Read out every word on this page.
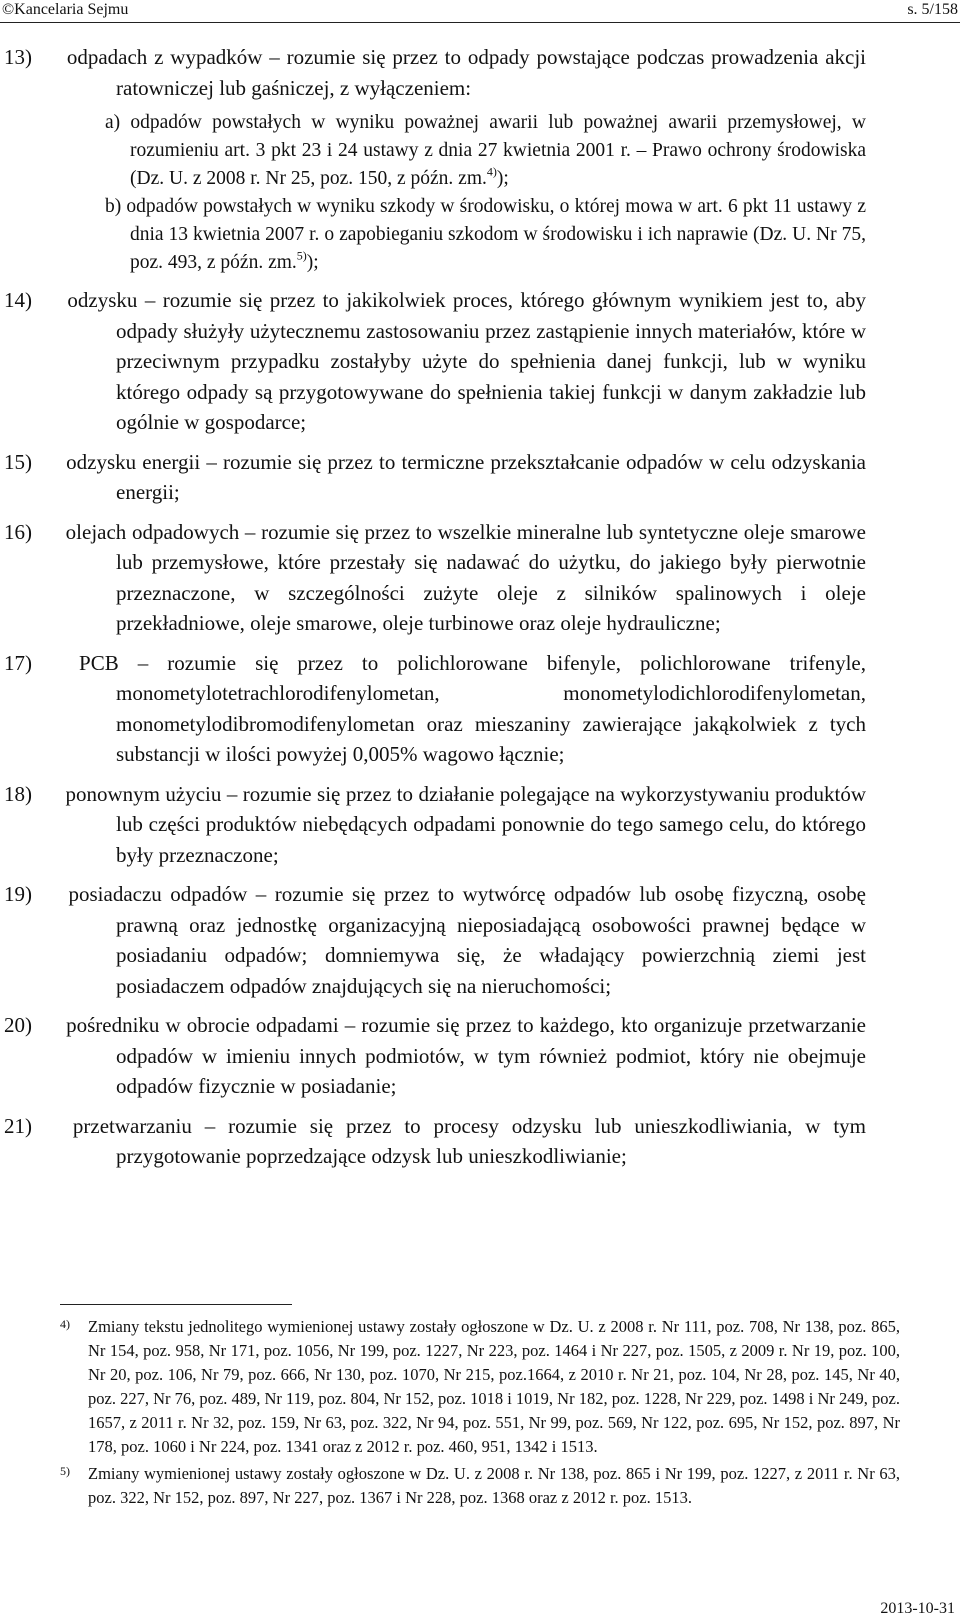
©Kancelaria Sejmu	s. 5/158
13) odpadach z wypadków – rozumie się przez to odpady powstające podczas prowadzenia akcji ratowniczej lub gaśniczej, z wyłączeniem:

a) odpadów powstałych w wyniku poważnej awarii lub poważnej awarii przemysłowej, w rozumieniu art. 3 pkt 23 i 24 ustawy z dnia 27 kwietnia 2001 r. – Prawo ochrony środowiska (Dz. U. z 2008 r. Nr 25, poz. 150, z późn. zm.$^{4)}$);

b) odpadów powstałych w wyniku szkody w środowisku, o której mowa w art. 6 pkt 11 ustawy z dnia 13 kwietnia 2007 r. o zapobieganiu szkodom w środowisku i ich naprawie (Dz. U. Nr 75, poz. 493, z późn. zm.$^{5)}$);

14) odzysku – rozumie się przez to jakikolwiek proces, którego głównym wynikiem jest to, aby odpady służyły użytecznemu zastosowaniu przez zastąpienie innych materiałów, które w przeciwnym przypadku zostałyby użyte do spełnienia danej funkcji, lub w wyniku którego odpady są przygotowywane do spełnienia takiej funkcji w danym zakładzie lub ogólnie w gospodarce;
15) odzysku energii – rozumie się przez to termiczne przekształcanie odpadów w celu odzyskania energii;
16) olejach odpadowych – rozumie się przez to wszelkie mineralne lub syntetyczne oleje smarowe lub przemysłowe, które przestały się nadawać do użytku, do jakiego były pierwotnie przeznaczone, w szczególności zużyte oleje z silników spalinowych i oleje przekładniowe, oleje smarowe, oleje turbinowe oraz oleje hydrauliczne;
17) PCB – rozumie się przez to polichlorowane bifenyle, polichlorowane trifenyle, monometylotetrachlorodifenylometan, monometylodichlorodifenylometan, monometylodibromodifenylometan oraz mieszaniny zawierające jakąkolwiek z tych substancji w ilości powyżej 0,005% wagowo łącznie;
18) ponownym użyciu – rozumie się przez to działanie polegające na wykorzystywaniu produktów lub części produktów niebędących odpadami ponownie do tego samego celu, do którego były przeznaczone;
19) posiadaczu odpadów – rozumie się przez to wytwórcę odpadów lub osobę fizyczną, osobę prawną oraz jednostkę organizacyjną nieposiadającą osobowości prawnej będące w posiadaniu odpadów; domniemywa się, że władający powierzchnią ziemi jest posiadaczem odpadów znajdujących się na nieruchomości;
20) pośredniku w obrocie odpadami – rozumie się przez to każdego, kto organizuje przetwarzanie odpadów w imieniu innych podmiotów, w tym również podmiot, który nie obejmuje odpadów fizycznie w posiadanie;
21) przetwarzaniu – rozumie się przez to procesy odzysku lub unieszkodliwiania, w tym przygotowanie poprzedzające odzysk lub unieszkodliwianie;

4) Zmiany tekstu jednolitego wymienionej ustawy zostały ogłoszone w Dz. U. z 2008 r. Nr 111, poz. 708, Nr 138, poz. 865, Nr 154, poz. 958, Nr 171, poz. 1056, Nr 199, poz. 1227, Nr 223, poz. 1464 i Nr 227, poz. 1505, z 2009 r. Nr 19, poz. 100, Nr 20, poz. 106, Nr 79, poz. 666, Nr 130, poz. 1070, Nr 215, poz.1664, z 2010 r. Nr 21, poz. 104, Nr 28, poz. 145, Nr 40, poz. 227, Nr 76, poz. 489, Nr 119, poz. 804, Nr 152, poz. 1018 i 1019, Nr 182, poz. 1228, Nr 229, poz. 1498 i Nr 249, poz. 1657, z 2011 r. Nr 32, poz. 159, Nr 63, poz. 322, Nr 94, poz. 551, Nr 99, poz. 569, Nr 122, poz. 695, Nr 152, poz. 897, Nr 178, poz. 1060 i Nr 224, poz. 1341 oraz z 2012 r. poz. 460, 951, 1342 i 1513.

5) Zmiany wymienionej ustawy zostały ogłoszone w Dz. U. z 2008 r. Nr 138, poz. 865 i Nr 199, poz. 1227, z 2011 r. Nr 63, poz. 322, Nr 152, poz. 897, Nr 227, poz. 1367 i Nr 228, poz. 1368 oraz z 2012 r. poz. 1513.

2013-10-31
